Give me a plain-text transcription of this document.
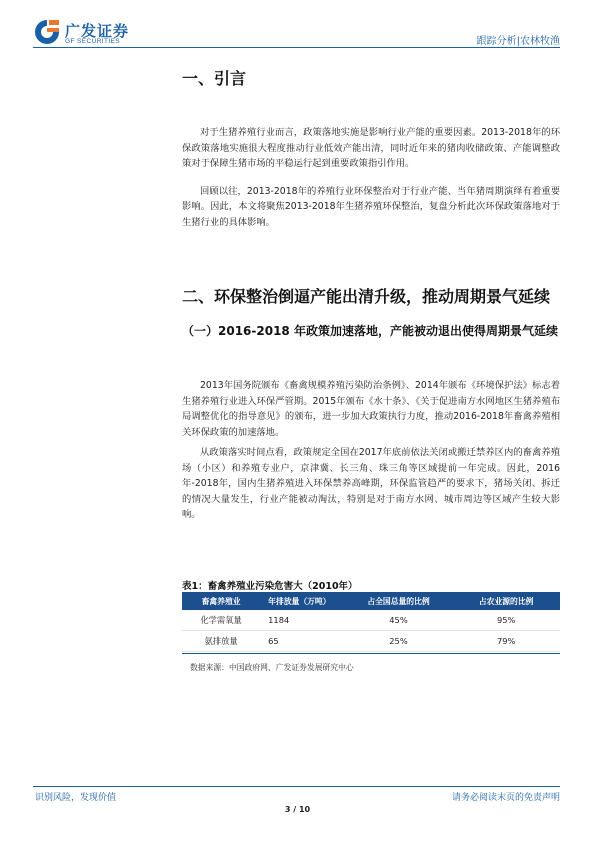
广发证券
GF SECURITIES	跟踪分析|农林牧渔
一、引言

对于生猪养殖行业而言，政策落地实施是影响行业产能的重要因素。2013-2018年的环保政策落地实施很大程度推动行业低效产能出清，同时近年来的猪肉收储政策、产能调整政策对于保障生猪市场的平稳运行起到重要政策指引作用。

回顾以往，2013-2018年的养殖行业环保整治对于行业产能、当年猪周期演绎有着重要影响。因此，本文将聚焦2013-2018年生猪养殖环保整治，复盘分析此次环保政策落地对于生猪行业的具体影响。

二、环保整治倒逼产能出清升级，推动周期景气延续
（一）2016-2018 年政策加速落地，产能被动退出使得周期景气延续

2013年国务院颁布《畜禽规模养殖污染防治条例》、2014年颁布《环境保护法》标志着生猪养殖行业进入环保严管期。2015年颁布《水十条》、《关于促进南方水网地区生猪养殖布局调整优化的指导意见》的颁布，进一步加大政策执行力度，推动2016-2018年畜禽养殖相关环保政策的加速落地。

从政策落实时间点看，政策规定全国在2017年底前依法关闭或搬迁禁养区内的畜禽养殖场（小区）和养殖专业户，京津冀、长三角、珠三角等区域提前一年完成。因此，2016年-2018年，国内生猪养殖进入环保禁养高峰期，环保监管趋严的要求下，猪场关闭、拆迁的情况大量发生，行业产能被动淘汰，特别是对于南方水网、城市周边等区域产生较大影响。

表1：畜禽养殖业污染危害大（2010年）
畜禽养殖业	年排放量（万吨）	占全国总量的比例	占农业源的比例
化学需氧量	1184	45%	95%
氨排放量	65	25%	79%
数据来源：中国政府网、广发证券发展研究中心
识别风险，发现价值	请务必阅读末页的免责声明
3 / 10
